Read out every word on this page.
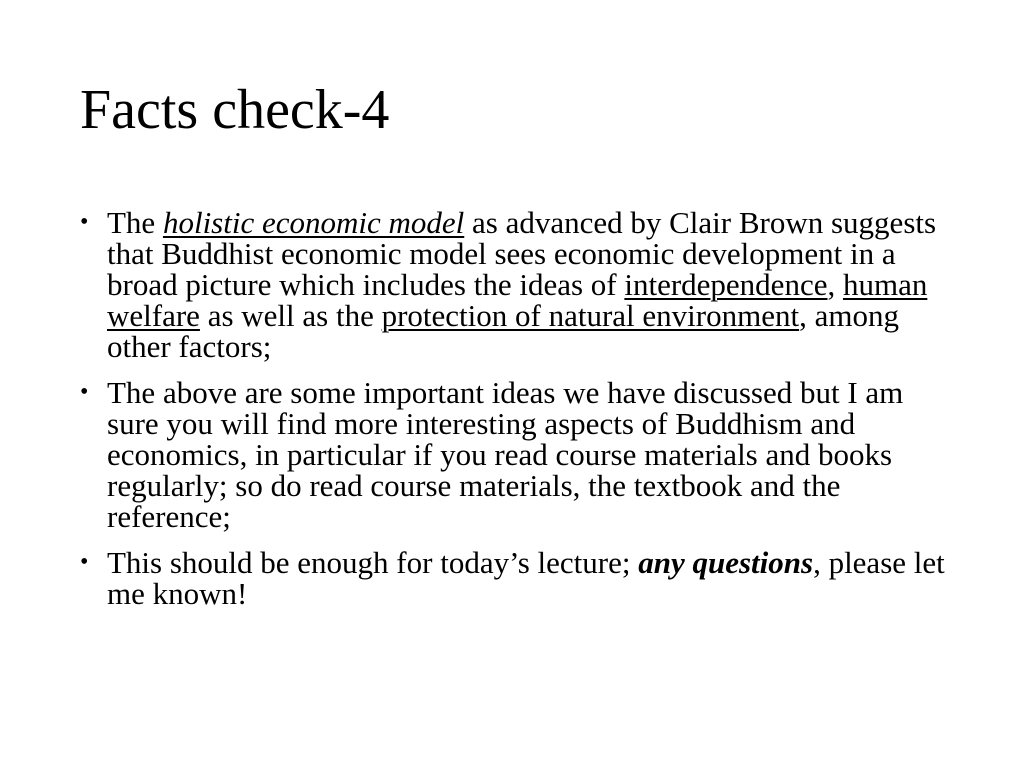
Facts check-4
• The holistic economic model as advanced by Clair Brown suggests that Buddhist economic model sees economic development in a broad picture which includes the ideas of interdependence, human welfare as well as the protection of natural environment, among other factors;
• The above are some important ideas we have discussed but I am sure you will find more interesting aspects of Buddhism and economics, in particular if you read course materials and books regularly; so do read course materials, the textbook and the reference;
• This should be enough for today’s lecture; any questions, please let me known!
